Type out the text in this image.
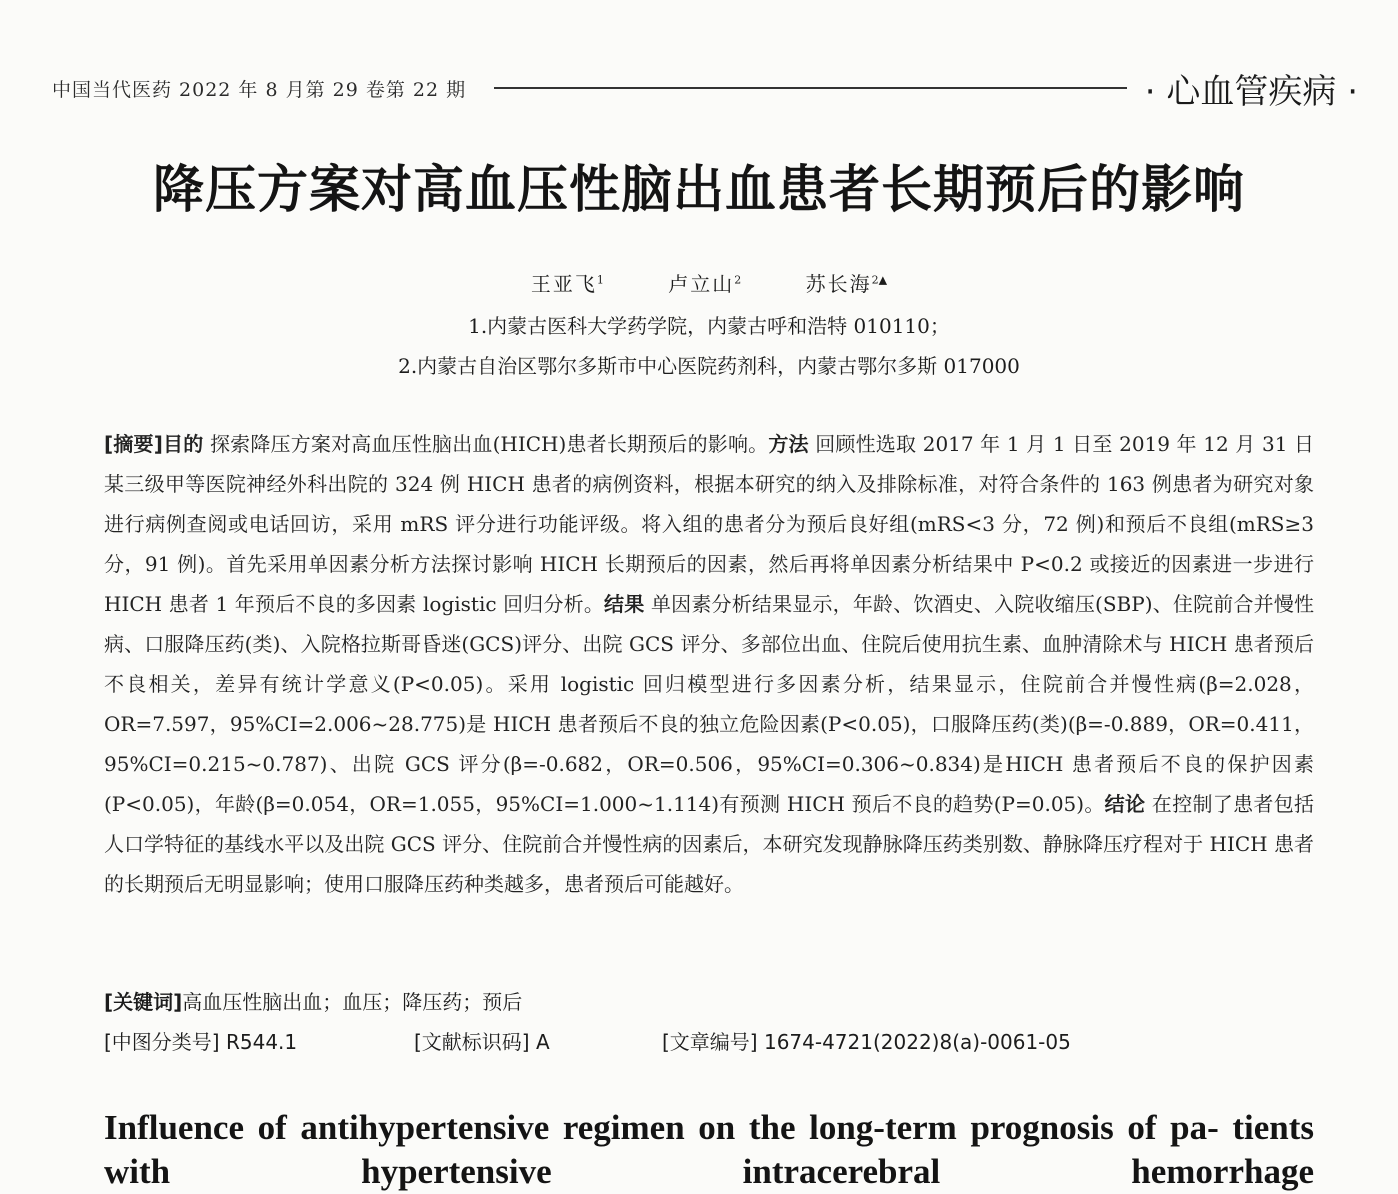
中国当代医药 2022 年 8 月第 29 卷第 22 期	· 心血管疾病 ·
降压方案对高血压性脑出血患者长期预后的影响
王亚飞$^1$	卢立山$^2$	苏长海$^{2▲}$
1.内蒙古医科大学药学院，内蒙古呼和浩特 010110；
2.内蒙古自治区鄂尔多斯市中心医院药剂科，内蒙古鄂尔多斯 017000
[摘要]目的 探索降压方案对高血压性脑出血(HICH)患者长期预后的影响。方法 回顾性选取 2017 年 1 月 1 日至 2019 年 12 月 31 日某三级甲等医院神经外科出院的 324 例 HICH 患者的病例资料，根据本研究的纳入及排除标准，对符合条件的 163 例患者为研究对象进行病例查阅或电话回访，采用 mRS 评分进行功能评级。将入组的患者分为预后良好组(mRS<3 分，72 例)和预后不良组(mRS≥3 分，91 例)。首先采用单因素分析方法探讨影响 HICH 长期预后的因素，然后再将单因素分析结果中 P<0.2 或接近的因素进一步进行 HICH 患者 1 年预后不良的多因素 logistic 回归分析。结果 单因素分析结果显示，年龄、饮酒史、入院收缩压(SBP)、住院前合并慢性病、口服降压药(类)、入院格拉斯哥昏迷(GCS)评分、出院 GCS 评分、多部位出血、住院后使用抗生素、血肿清除术与 HICH 患者预后不良相关，差异有统计学意义(P<0.05)。采用 logistic 回归模型进行多因素分析，结果显示，住院前合并慢性病(β=2.028，OR=7.597，95%CI=2.006~28.775)是 HICH 患者预后不良的独立危险因素(P<0.05)，口服降压药(类)(β=-0.889，OR=0.411，95%CI=0.215~0.787)、出院 GCS 评分(β=-0.682，OR=0.506，95%CI=0.306~0.834)是HICH 患者预后不良的保护因素(P<0.05)，年龄(β=0.054，OR=1.055，95%CI=1.000~1.114)有预测 HICH 预后不良的趋势(P=0.05)。结论 在控制了患者包括人口学特征的基线水平以及出院 GCS 评分、住院前合并慢性病的因素后，本研究发现静脉降压药类别数、静脉降压疗程对于 HICH 患者的长期预后无明显影响；使用口服降压药种类越多，患者预后可能越好。
[关键词]高血压性脑出血；血压；降压药；预后
[中图分类号] R544.1	[文献标识码] A	[文章编号] 1674-4721(2022)8(a)-0061-05
Influence of antihypertensive regimen on the long-term prognosis of pa- tients with hypertensive intracerebral hemorrhage
